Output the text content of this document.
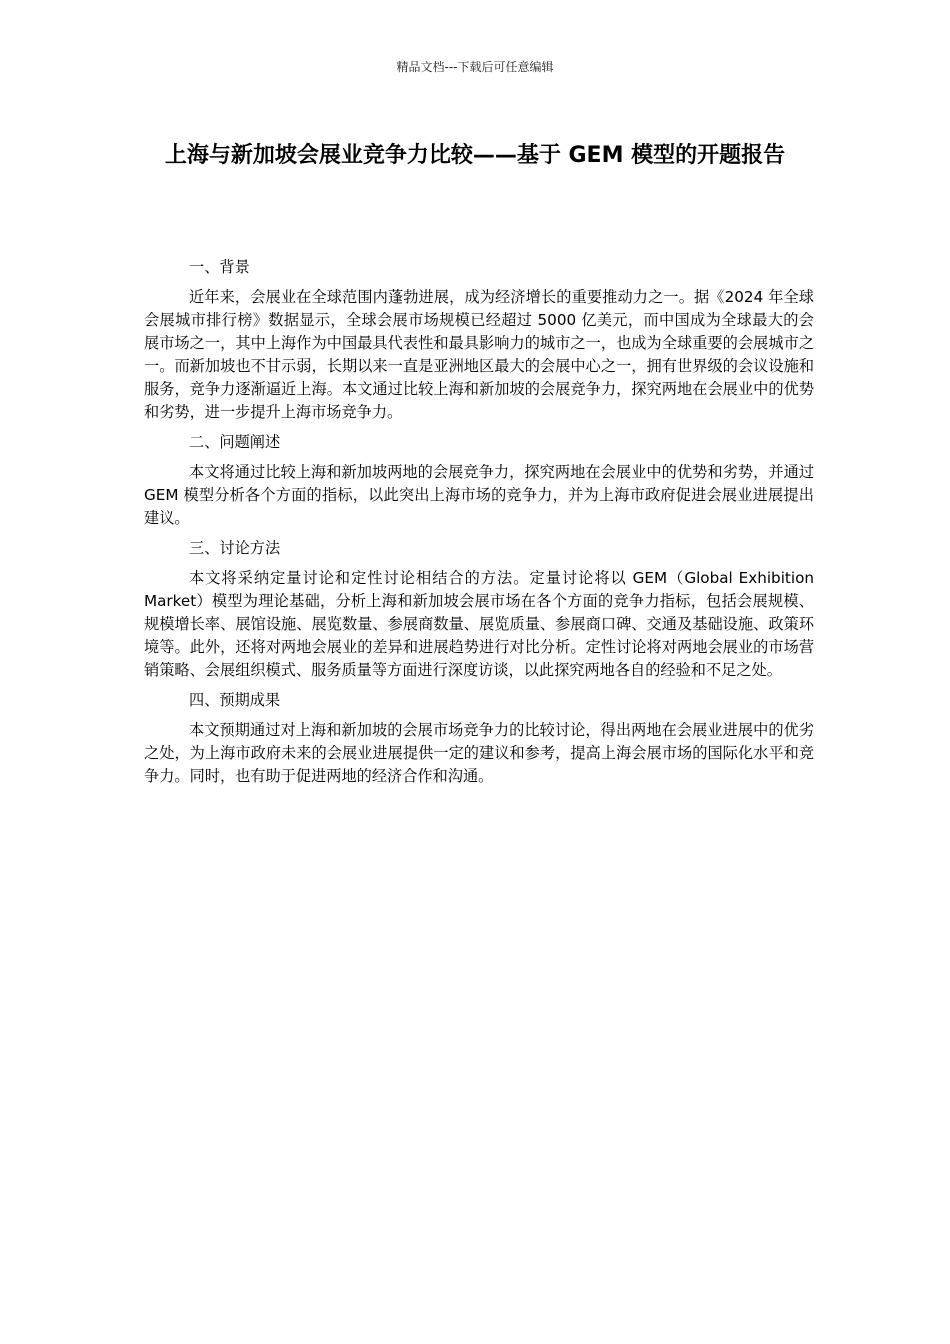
精品文档---下载后可任意编辑
上海与新加坡会展业竞争力比较——基于 GEM 模型的开题报告

一、背景

近年来，会展业在全球范围内蓬勃进展，成为经济增长的重要推动力之一。据《2024 年全球会展城市排行榜》数据显示，全球会展市场规模已经超过 5000 亿美元，而中国成为全球最大的会展市场之一，其中上海作为中国最具代表性和最具影响力的城市之一，也成为全球重要的会展城市之一。而新加坡也不甘示弱，长期以来一直是亚洲地区最大的会展中心之一，拥有世界级的会议设施和服务，竞争力逐渐逼近上海。本文通过比较上海和新加坡的会展竞争力，探究两地在会展业中的优势和劣势，进一步提升上海市场竞争力。

二、问题阐述

本文将通过比较上海和新加坡两地的会展竞争力，探究两地在会展业中的优势和劣势，并通过 GEM 模型分析各个方面的指标，以此突出上海市场的竞争力，并为上海市政府促进会展业进展提出建议。

三、讨论方法

本文将采纳定量讨论和定性讨论相结合的方法。定量讨论将以 GEM（Global Exhibition Market）模型为理论基础，分析上海和新加坡会展市场在各个方面的竞争力指标，包括会展规模、规模增长率、展馆设施、展览数量、参展商数量、展览质量、参展商口碑、交通及基础设施、政策环境等。此外，还将对两地会展业的差异和进展趋势进行对比分析。定性讨论将对两地会展业的市场营销策略、会展组织模式、服务质量等方面进行深度访谈，以此探究两地各自的经验和不足之处。

四、预期成果

本文预期通过对上海和新加坡的会展市场竞争力的比较讨论，得出两地在会展业进展中的优劣之处，为上海市政府未来的会展业进展提供一定的建议和参考，提高上海会展市场的国际化水平和竞争力。同时，也有助于促进两地的经济合作和沟通。
